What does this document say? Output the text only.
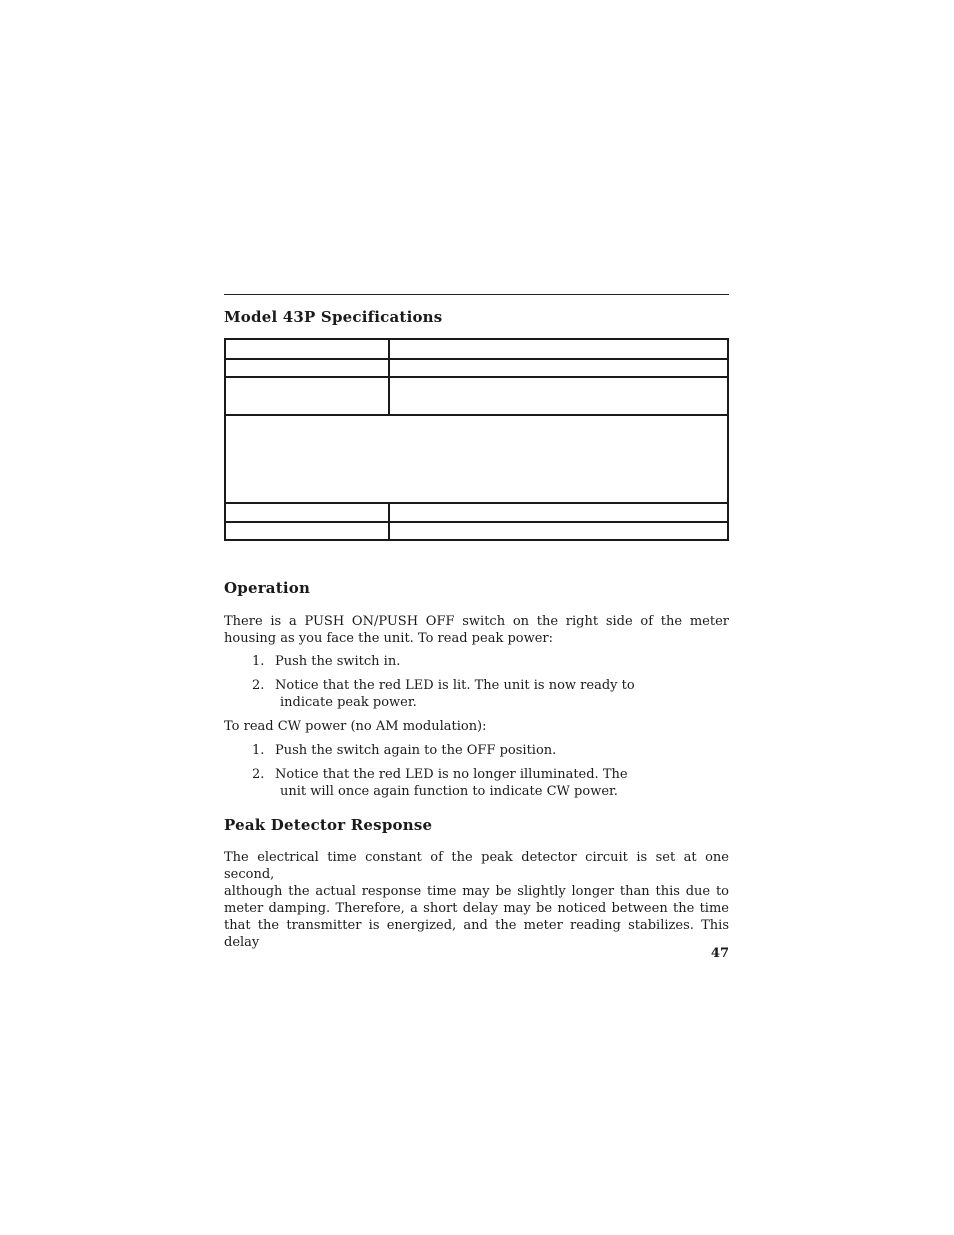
Model 43P Specifications
Operation
There is a PUSH ON/PUSH OFF switch on the right side of the meter
housing as you face the unit. To read peak power:
1. Push the switch in.
2. Notice that the red LED is lit. The unit is now ready to
indicate peak power.
To read CW power (no AM modulation):
1. Push the switch again to the OFF position.
2. Notice that the red LED is no longer illuminated. The
unit will once again function to indicate CW power.
Peak Detector Response
The electrical time constant of the peak detector circuit is set at one second,
although the actual response time may be slightly longer than this due to
meter damping. Therefore, a short delay may be noticed between the time
that the transmitter is energized, and the meter reading stabilizes. This delay
47
